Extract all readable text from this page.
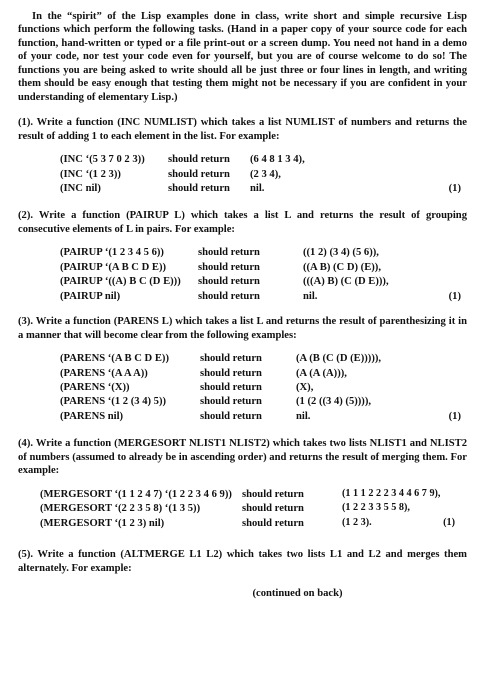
In the “spirit” of the Lisp examples done in class, write short and simple recursive Lisp functions which perform the following tasks. (Hand in a paper copy of your source code for each function, hand-written or typed or a file print-out or a screen dump. You need not hand in a demo of your code, nor test your code even for yourself, but you are of course welcome to do so! The functions you are being asked to write should all be just three or four lines in length, and writing them should be easy enough that testing them might not be necessary if you are confident in your understanding of elementary Lisp.)

(1). Write a function (INC NUMLIST) which takes a list NUMLIST of numbers and returns the result of adding 1 to each element in the list. For example:

(INC ‘(5 3 7 0 2 3))	should return	(6 4 8 1 3 4),
(INC ‘(1 2 3))	should return	(2 3 4),
(INC nil)	should return	nil.	(1)

(2). Write a function (PAIRUP L) which takes a list L and returns the result of grouping consecutive elements of L in pairs. For example:

(PAIRUP ‘(1 2 3 4 5 6))	should return	((1 2) (3 4) (5 6)),
(PAIRUP ‘(A B C D E))	should return	((A B) (C D) (E)),
(PAIRUP ‘((A) B C (D E)))	should return	(((A) B) (C (D E))),
(PAIRUP nil)	should return	nil.	(1)

(3). Write a function (PARENS L) which takes a list L and returns the result of parenthesizing it in a manner that will become clear from the following examples:

(PARENS ‘(A B C D E))	should return	(A (B (C (D (E))))),
(PARENS ‘(A A A))	should return	(A (A (A))),
(PARENS ‘(X))	should return	(X),
(PARENS ‘(1 2 (3 4) 5))	should return	(1 (2 ((3 4) (5)))),
(PARENS nil)	should return	nil.	(1)

(4). Write a function (MERGESORT NLIST1 NLIST2) which takes two lists NLIST1 and NLIST2 of numbers (assumed to already be in ascending order) and returns the result of merging them. For example:

(MERGESORT ‘(1 1 2 4 7) ‘(1 2 2 3 4 6 9)) should return	(1 1 1 2 2 2 3 4 4 6 7 9),
(MERGESORT ‘(2 2 3 5 8) ‘(1 3 5))	should return	(1 2 2 3 3 5 5 8),
(MERGESORT ‘(1 2 3) nil)	should return	(1 2 3).	(1)

(5). Write a function (ALTMERGE L1 L2) which takes two lists L1 and L2 and merges them alternately. For example:

(continued on back)
